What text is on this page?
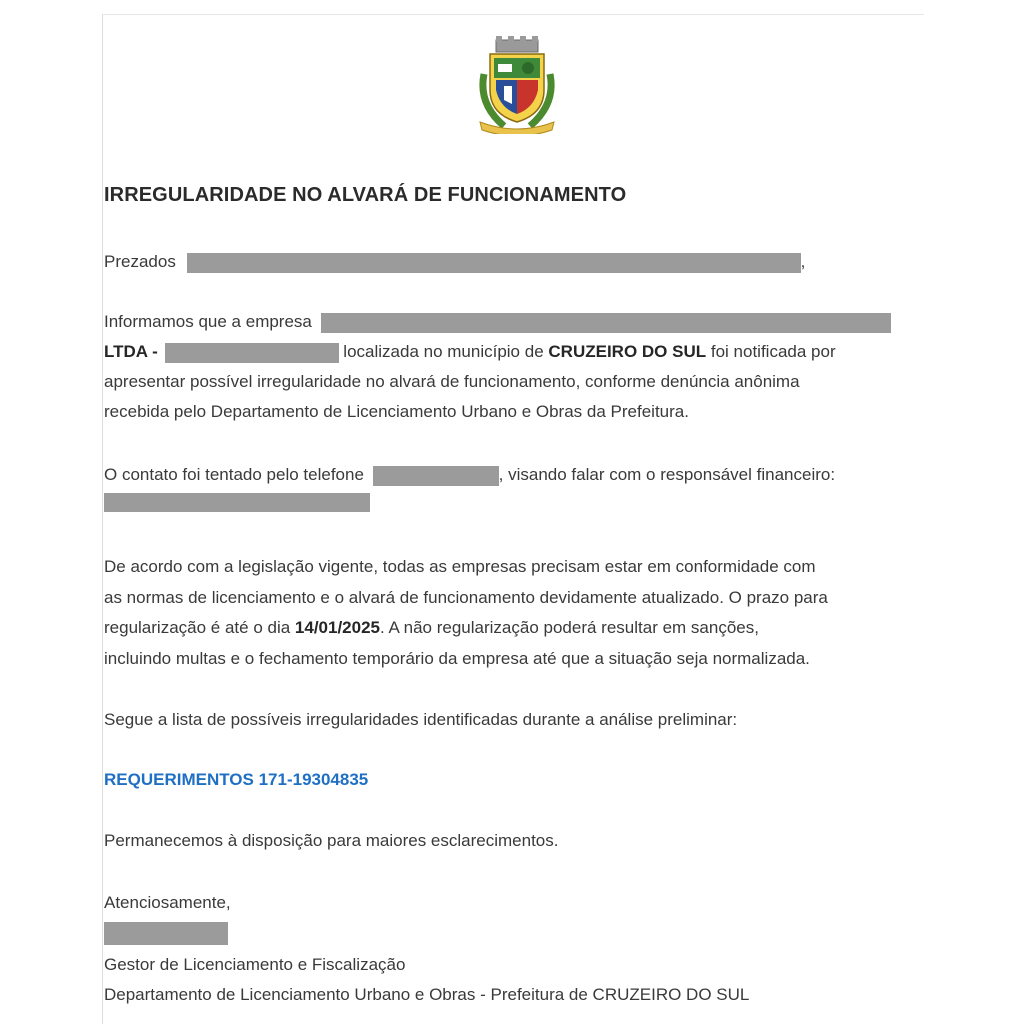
IRREGULARIDADE NO ALVARÁ DE FUNCIONAMENTO
Prezados	,
Informamos que a empresa
LTDA -	localizada no município de CRUZEIRO DO SUL foi notificada por
apresentar possível irregularidade no alvará de funcionamento, conforme denúncia anônima
recebida pelo Departamento de Licenciamento Urbano e Obras da Prefeitura.
O contato foi tentado pelo telefone	, visando falar com o responsável financeiro:
De acordo com a legislação vigente, todas as empresas precisam estar em conformidade com
as normas de licenciamento e o alvará de funcionamento devidamente atualizado. O prazo para
regularização é até o dia 14/01/2025. A não regularização poderá resultar em sanções,
incluindo multas e o fechamento temporário da empresa até que a situação seja normalizada.
Segue a lista de possíveis irregularidades identificadas durante a análise preliminar:
REQUERIMENTOS 171-19304835
Permanecemos à disposição para maiores esclarecimentos.
Atenciosamente,
Gestor de Licenciamento e Fiscalização
Departamento de Licenciamento Urbano e Obras - Prefeitura de CRUZEIRO DO SUL
